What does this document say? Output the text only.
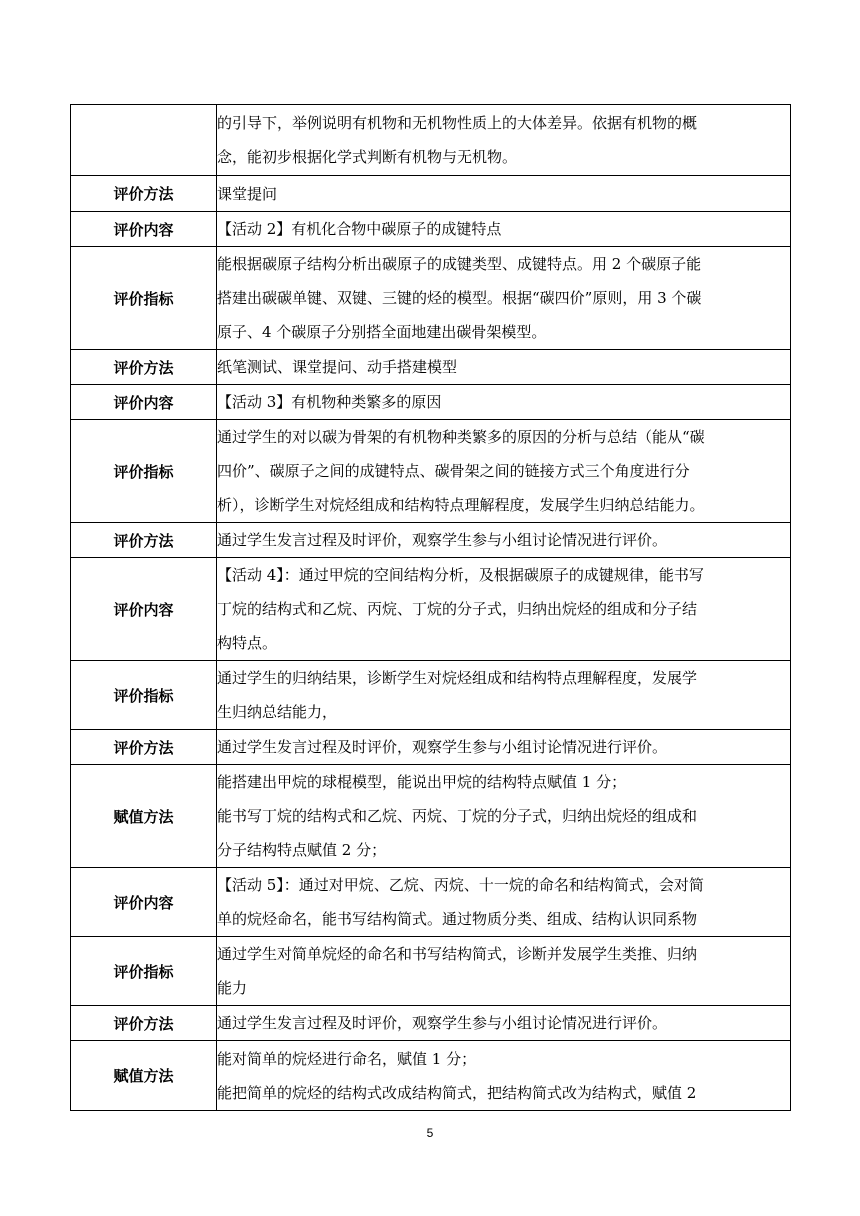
	的引导下，举例说明有机物和无机物性质上的大体差异。依据有机物的概
念，能初步根据化学式判断有机物与无机物。

评价方法	课堂提问

评价内容	【活动 2】有机化合物中碳原子的成键特点

评价指标	能根据碳原子结构分析出碳原子的成键类型、成键特点。用 2 个碳原子能
搭建出碳碳单键、双键、三键的烃的模型。根据“碳四价”原则，用 3 个碳
原子、4 个碳原子分别搭全面地建出碳骨架模型。

评价方法	纸笔测试、课堂提问、动手搭建模型

评价内容	【活动 3】有机物种类繁多的原因

评价指标	通过学生的对以碳为骨架的有机物种类繁多的原因的分析与总结（能从“碳
四价”、碳原子之间的成键特点、碳骨架之间的链接方式三个角度进行分
析），诊断学生对烷烃组成和结构特点理解程度，发展学生归纳总结能力。

评价方法	通过学生发言过程及时评价，观察学生参与小组讨论情况进行评价。

评价内容	【活动 4】：通过甲烷的空间结构分析，及根据碳原子的成键规律，能书写
丁烷的结构式和乙烷、丙烷、丁烷的分子式，归纳出烷烃的组成和分子结
构特点。

评价指标	通过学生的归纳结果，诊断学生对烷烃组成和结构特点理解程度，发展学
生归纳总结能力，

评价方法	通过学生发言过程及时评价，观察学生参与小组讨论情况进行评价。

赋值方法	能搭建出甲烷的球棍模型，能说出甲烷的结构特点赋值 1 分；
能书写丁烷的结构式和乙烷、丙烷、丁烷的分子式，归纳出烷烃的组成和
分子结构特点赋值 2 分；

评价内容	【活动 5】：通过对甲烷、乙烷、丙烷、十一烷的命名和结构简式，会对简
单的烷烃命名，能书写结构简式。通过物质分类、组成、结构认识同系物

评价指标	通过学生对简单烷烃的命名和书写结构简式，诊断并发展学生类推、归纳
能力

评价方法	通过学生发言过程及时评价，观察学生参与小组讨论情况进行评价。

赋值方法	能对简单的烷烃进行命名，赋值 1 分；
能把简单的烷烃的结构式改成结构简式，把结构简式改为结构式，赋值 2
5
